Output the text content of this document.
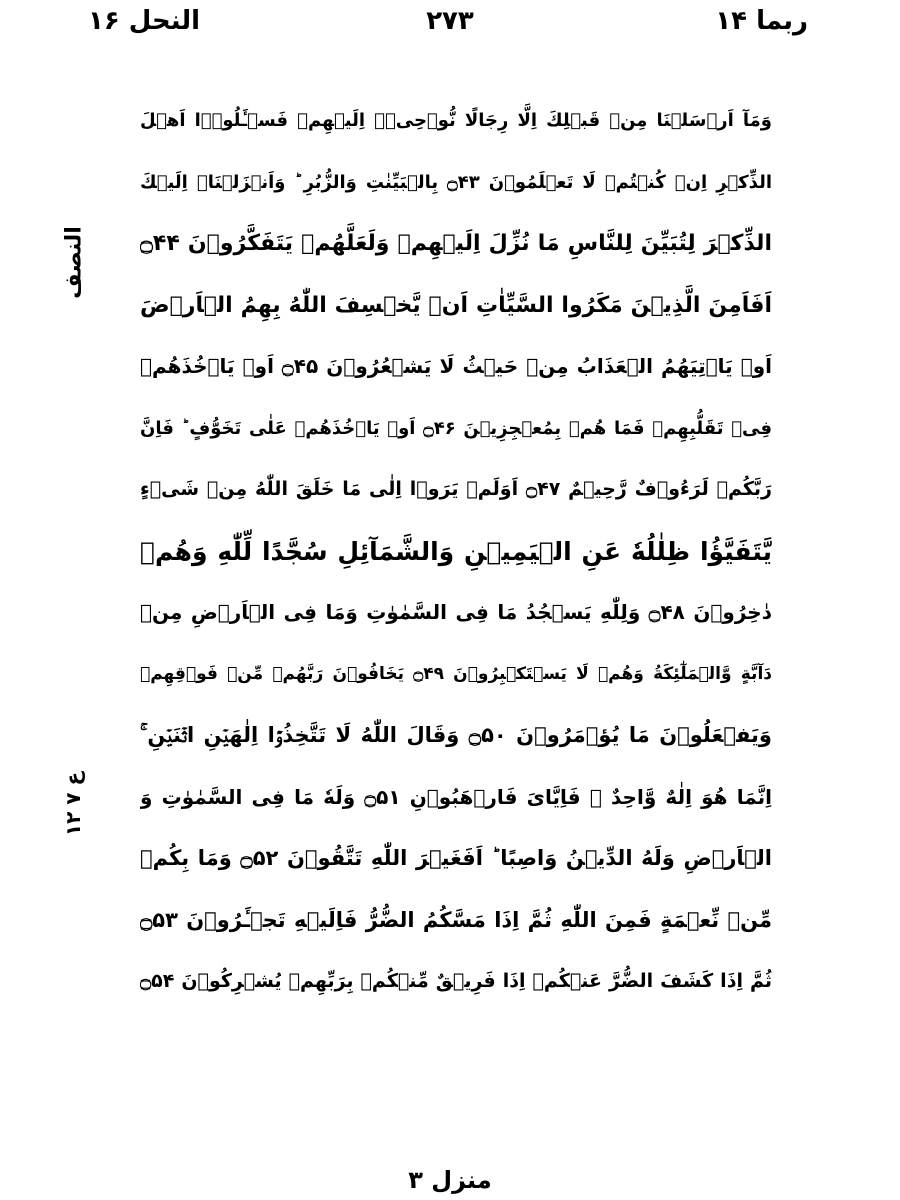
النحل ۱۶	۲۷۳	ربما ۱۴
النصف
ع ۷ ۱۲
وَمَآ اَرۡسَلۡنَا مِنۡ قَبۡلِكَ اِلَّا رِجَالًا نُّوۡحِىۡۤ اِلَيۡهِمۡ فَسۡـَٔلُوۡۤا اَهۡلَ
الذِّكۡرِ اِنۡ كُنۡتُمۡ لَا تَعۡلَمُوۡنَ ۝۴۳ بِالۡبَيِّنٰتِ وَالزُّبُرِ ؕ وَاَنۡزَلۡنَاۤ اِلَيۡكَ
الذِّكۡرَ لِتُبَيِّنَ لِلنَّاسِ مَا نُزِّلَ اِلَيۡهِمۡ وَلَعَلَّهُمۡ يَتَفَكَّرُوۡنَ ۝۴۴
اَفَاَمِنَ الَّذِيۡنَ مَكَرُوا السَّيِّاٰتِ اَنۡ يَّخۡسِفَ اللّٰهُ بِهِمُ الۡاَرۡضَ
اَوۡ يَاۡتِيَهُمُ الۡعَذَابُ مِنۡ حَيۡثُ لَا يَشۡعُرُوۡنَ ۝۴۵ اَوۡ يَاۡخُذَهُمۡ
فِىۡ تَقَلُّبِهِمۡ فَمَا هُمۡ بِمُعۡجِزِيۡنَ ۝۴۶ اَوۡ يَاۡخُذَهُمۡ عَلٰى تَخَوُّفٍ ؕ فَاِنَّ
رَبَّكُمۡ لَرَءُوۡفٌ رَّحِيۡمٌ ۝۴۷ اَوَلَمۡ يَرَوۡا اِلٰى مَا خَلَقَ اللّٰهُ مِنۡ شَىۡءٍ
يَّتَفَيَّؤُا ظِلٰلُهٗ عَنِ الۡيَمِيۡنِ وَالشَّمَآئِلِ سُجَّدًا لِّلّٰهِ وَهُمۡ
دٰخِرُوۡنَ ۝۴۸ وَلِلّٰهِ يَسۡجُدُ مَا فِى السَّمٰوٰتِ وَمَا فِى الۡاَرۡضِ مِنۡ
دَآبَّةٍ وَّالۡمَلٰٓئِكَةُ وَهُمۡ لَا يَسۡتَكۡبِرُوۡنَ ۝۴۹ يَخَافُوۡنَ رَبَّهُمۡ مِّنۡ فَوۡقِهِمۡ
وَيَفۡعَلُوۡنَ مَا يُؤۡمَرُوۡنَ ۝۵۰ وَقَالَ اللّٰهُ لَا تَتَّخِذُوۡۤا اِلٰهَيۡنِ اثۡنَيۡنِ ۚ
اِنَّمَا هُوَ اِلٰهٌ وَّاحِدٌ ۚ فَاِيَّاىَ فَارۡهَبُوۡنِ ۝۵۱ وَلَهٗ مَا فِى السَّمٰوٰتِ وَ
الۡاَرۡضِ وَلَهُ الدِّيۡنُ وَاصِبًا ؕ اَفَغَيۡرَ اللّٰهِ تَتَّقُوۡنَ ۝۵۲ وَمَا بِكُمۡ
مِّنۡ نِّعۡمَةٍ فَمِنَ اللّٰهِ ثُمَّ اِذَا مَسَّكُمُ الضُّرُّ فَاِلَيۡهِ تَجۡـَٔرُوۡنَ ۝۵۳
ثُمَّ اِذَا كَشَفَ الضُّرَّ عَنۡكُمۡ اِذَا فَرِيۡقٌ مِّنۡكُمۡ بِرَبِّهِمۡ يُشۡرِكُوۡنَ ۝۵۴
منزل ۳
